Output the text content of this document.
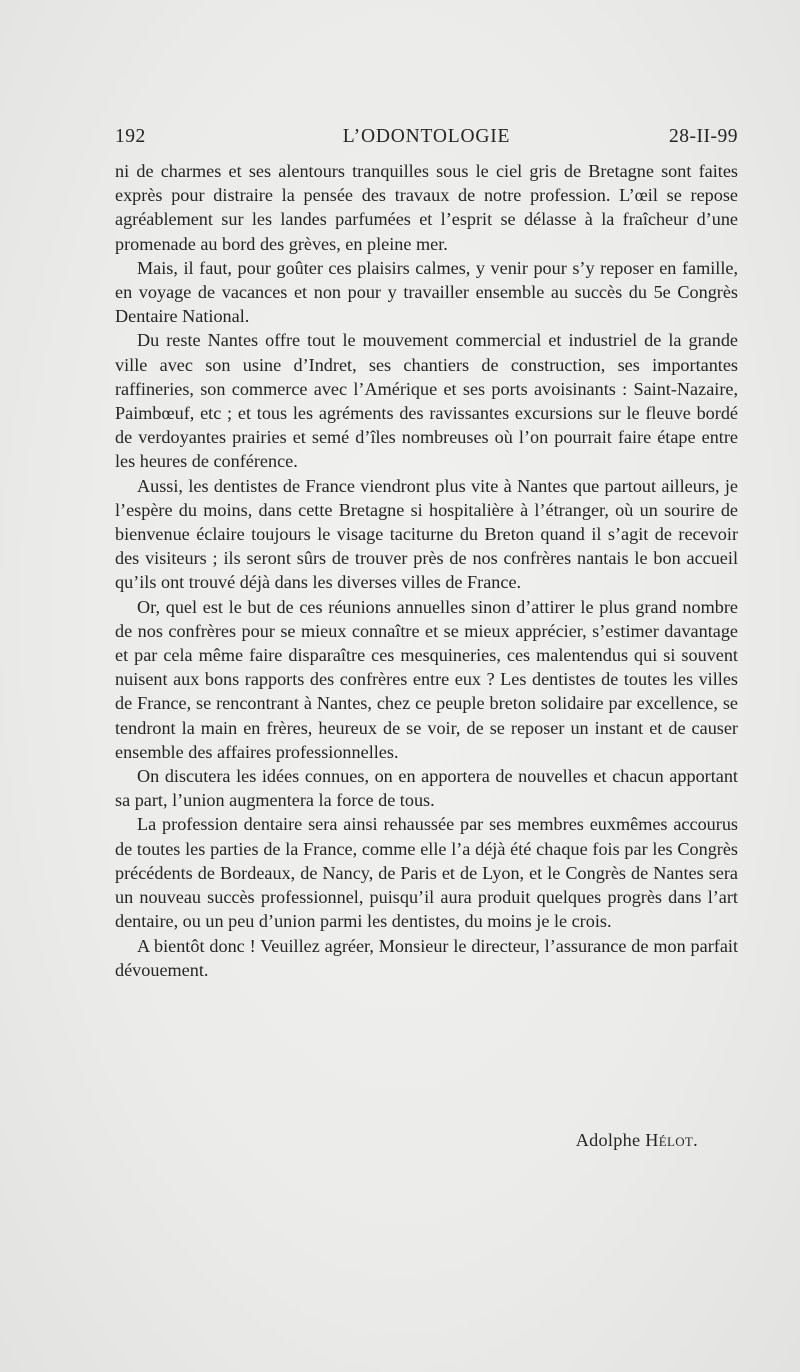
192	L’ODONTOLOGIE	28-II-99

ni de charmes et ses alentours tranquilles sous le ciel gris de Bretagne sont faites exprès pour distraire la pensée des travaux de notre profession. L’œil se repose agréablement sur les landes parfumées et l’esprit se délasse à la fraîcheur d’une promenade au bord des grèves, en pleine mer.

Mais, il faut, pour goûter ces plaisirs calmes, y venir pour s’y reposer en famille, en voyage de vacances et non pour y travailler ensemble au succès du 5e Congrès Dentaire National.

Du reste Nantes offre tout le mouvement commercial et industriel de la grande ville avec son usine d’Indret, ses chantiers de construction, ses importantes raffineries, son commerce avec l’Amérique et ses ports avoisinants : Saint-Nazaire, Paimbœuf, etc ; et tous les agréments des ravissantes excursions sur le fleuve bordé de verdoyantes prairies et semé d’îles nombreuses où l’on pourrait faire étape entre les heures de conférence.

Aussi, les dentistes de France viendront plus vite à Nantes que partout ailleurs, je l’espère du moins, dans cette Bretagne si hospitalière à l’étranger, où un sourire de bienvenue éclaire toujours le visage taciturne du Breton quand il s’agit de recevoir des visiteurs ; ils seront sûrs de trouver près de nos confrères nantais le bon accueil qu’ils ont trouvé déjà dans les diverses villes de France.

Or, quel est le but de ces réunions annuelles sinon d’attirer le plus grand nombre de nos confrères pour se mieux connaître et se mieux apprécier, s’estimer davantage et par cela même faire disparaître ces mesquineries, ces malentendus qui si souvent nuisent aux bons rapports des confrères entre eux ? Les dentistes de toutes les villes de France, se rencontrant à Nantes, chez ce peuple breton solidaire par excellence, se tendront la main en frères, heureux de se voir, de se reposer un instant et de causer ensemble des affaires professionnelles.

On discutera les idées connues, on en apportera de nouvelles et chacun apportant sa part, l’union augmentera la force de tous.

La profession dentaire sera ainsi rehaussée par ses membres euxmêmes accourus de toutes les parties de la France, comme elle l’a déjà été chaque fois par les Congrès précédents de Bordeaux, de Nancy, de Paris et de Lyon, et le Congrès de Nantes sera un nouveau succès professionnel, puisqu’il aura produit quelques progrès dans l’art dentaire, ou un peu d’union parmi les dentistes, du moins je le crois.

A bientôt donc ! Veuillez agréer, Monsieur le directeur, l’assurance de mon parfait dévouement.

Adolphe Hélot.
